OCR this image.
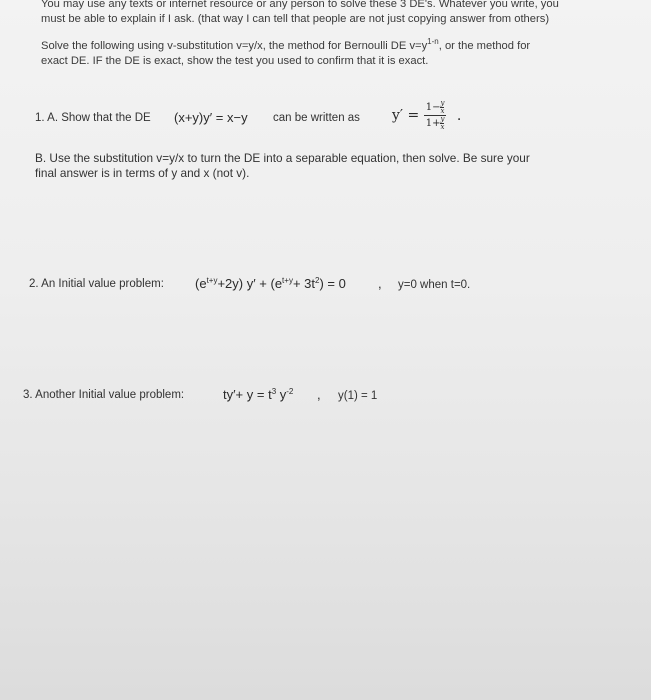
You may use any texts or internet resource or any person to solve these 3 DE's. Whatever you write, you
must be able to explain if I ask. (that way I can tell that people are not just copying answer from others)
Solve the following using v-substitution v=y/x, the method for Bernoulli DE $v=y^{1-n}$, or the method for
exact DE. IF the DE is exact, show the test you used to confirm that it is exact.
1. A. Show that the DE (x+y)y′ = x−y can be written as $y' = \frac{1- \frac{y}{x}}{1+ \frac{y}{x}}$ .
B. Use the substitution v=y/x to turn the DE into a separable equation, then solve. Be sure your
final answer is in terms of y and x (not v).
2. An Initial value problem: $(e^{t+y}+2y) y' + (e^{t+y}+ 3t^2) = 0$ , y=0 when t=0.
3. Another Initial value problem:	$ty'+ y = t^3$ $y^{-2}$ , y(1) = 1
